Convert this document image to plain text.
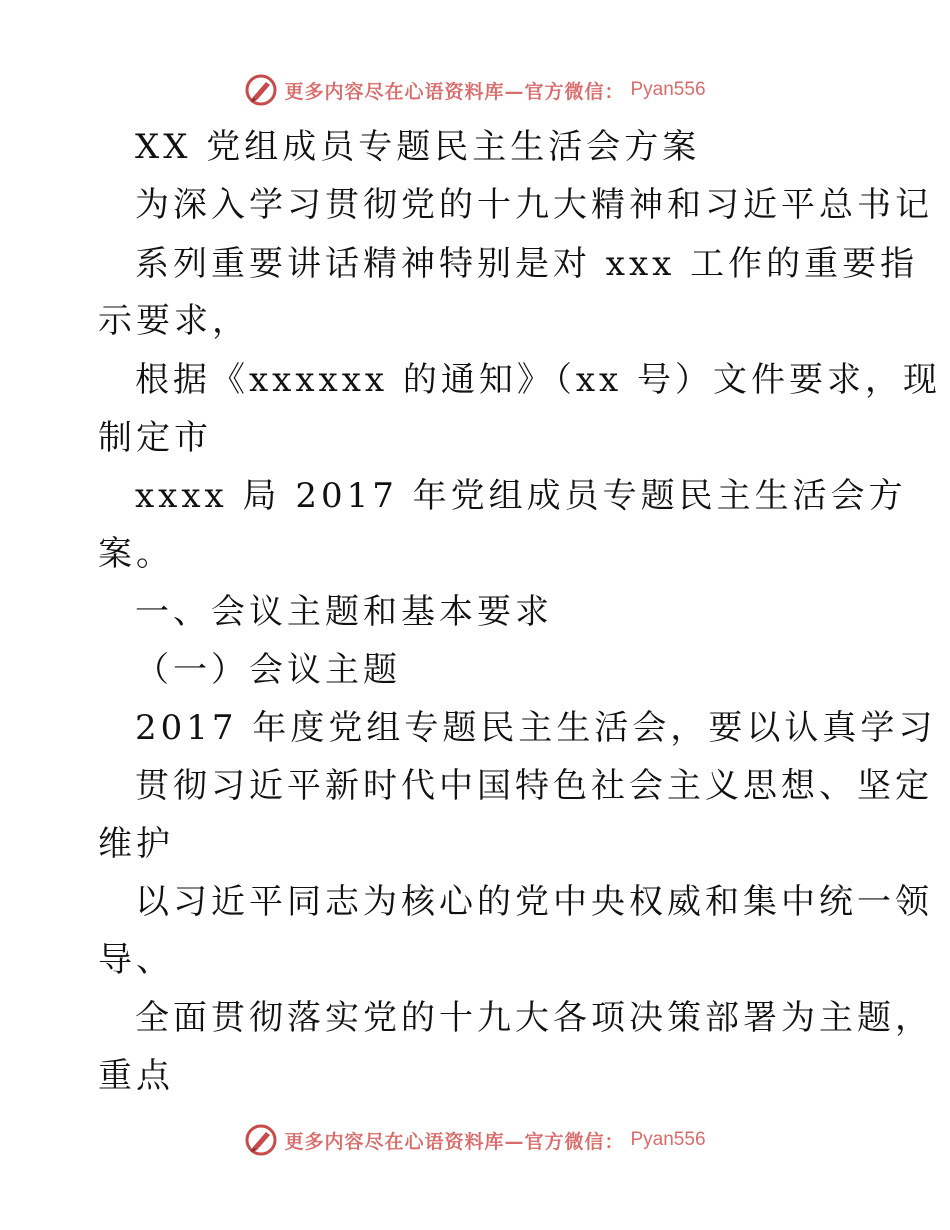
更多内容尽在心语资料库—官方微信： Pyan556
XX 党组成员专题民主生活会方案
为深入学习贯彻党的十九大精神和习近平总书记
系列重要讲话精神特别是对 xxx 工作的重要指
示要求，
根据《xxxxxx 的通知》（xx 号）文件要求，现
制定市
xxxx 局 2017 年党组成员专题民主生活会方
案。
一、会议主题和基本要求
（一）会议主题
2017 年度党组专题民主生活会，要以认真学习
贯彻习近平新时代中国特色社会主义思想、坚定
维护
以习近平同志为核心的党中央权威和集中统一领
导、
全面贯彻落实党的十九大各项决策部署为主题，
重点
更多内容尽在心语资料库—官方微信： Pyan556
